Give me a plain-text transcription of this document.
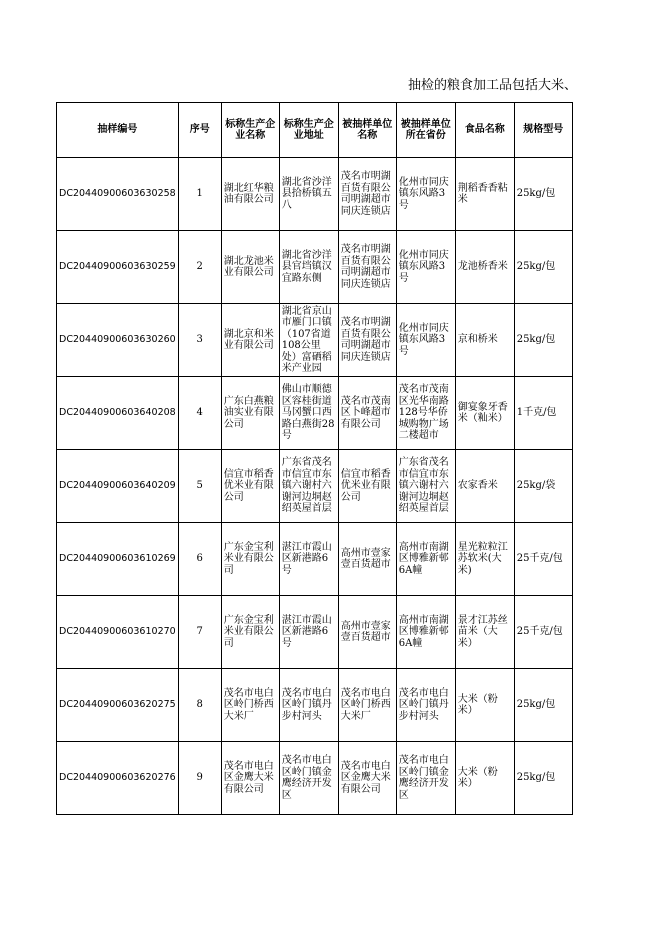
抽检的粮食加工品包括大米、
抽样编号	序号	标称生产企业名称	标称生产企业地址	被抽样单位名称	被抽样单位所在省份	食品名称	规格型号
DC20440900603630258	1	湖北红华粮油有限公司	湖北省沙洋县拾桥镇五八	茂名市明湖百货有限公司明湖超市同庆连锁店	化州市同庆镇东风路3号	荆稻香香粘米	25kg/包
DC20440900603630259	2	湖北龙池米业有限公司	湖北省沙洋县官垱镇汉宜路东侧	茂名市明湖百货有限公司明湖超市同庆连锁店	化州市同庆镇东风路3号	龙池桥香米	25kg/包
DC20440900603630260	3	湖北京和米业有限公司	湖北省京山市雁门口镇（107省道108公里处）富硒稻米产业园	茂名市明湖百货有限公司明湖超市同庆连锁店	化州市同庆镇东风路3号	京和桥米	25kg/包
DC20440900603640208	4	广东白燕粮油实业有限公司	佛山市顺德区容桂街道马冈蟹口西路白燕街28号	茂名市茂南区卜峰超市有限公司	茂名市茂南区光华南路128号华侨城购物广场二楼超市	御宴象牙香米（籼米）	1千克/包
DC20440900603640209	5	信宜市稻香优米业有限公司	广东省茂名市信宜市东镇六谢村六谢河边垌赵绍英屋首层	信宜市稻香优米业有限公司	广东省茂名市信宜市东镇六谢村六谢河边垌赵绍英屋首层	农家香米	25kg/袋
DC20440900603610269	6	广东金宝利米业有限公司	湛江市霞山区新港路6号	高州市壹家壹百货超市	高州市南湖区博雅新邨6A幢	星光粒粒江苏软米(大米)	25千克/包
DC20440900603610270	7	广东金宝利米业有限公司	湛江市霞山区新港路6号	高州市壹家壹百货超市	高州市南湖区博雅新邨6A幢	景才江苏丝苗米（大米）	25千克/包
DC20440900603620275	8	茂名市电白区岭门桥西大米厂	茂名市电白区岭门镇丹步村河头	茂名市电白区岭门桥西大米厂	茂名市电白区岭门镇丹步村河头	大米（粉米）	25kg/包
DC20440900603620276	9	茂名市电白区金鹰大米有限公司	茂名市电白区岭门镇金鹰经济开发区	茂名市电白区金鹰大米有限公司	茂名市电白区岭门镇金鹰经济开发区	大米（粉米）	25kg/包
